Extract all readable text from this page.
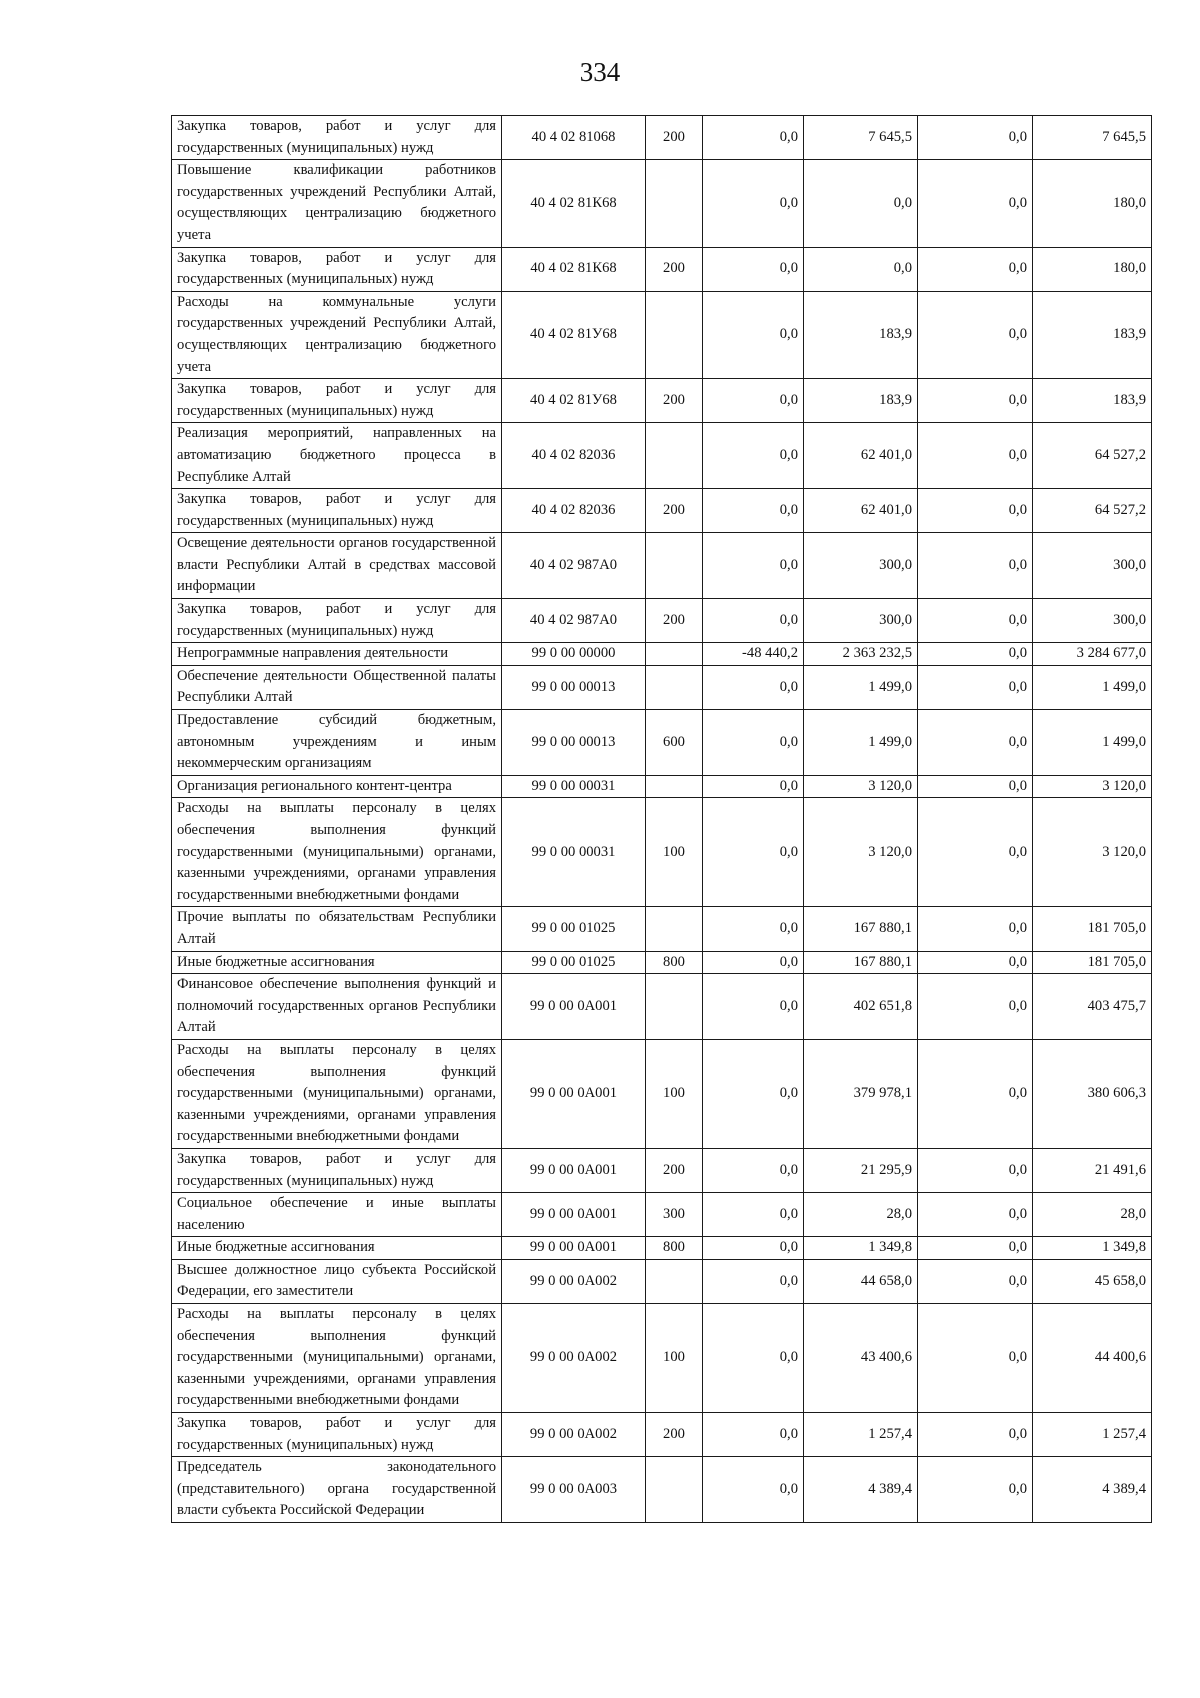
334
Закупка товаров, работ и услуг для государственных (муниципальных) нужд	40 4 02 81068	200	0,0	7 645,5	0,0	7 645,5
Повышение квалификации работников государственных учреждений Республики Алтай, осуществляющих централизацию бюджетного учета	40 4 02 81К68		0,0	0,0	0,0	180,0
Закупка товаров, работ и услуг для государственных (муниципальных) нужд	40 4 02 81К68	200	0,0	0,0	0,0	180,0
Расходы на коммунальные услуги государственных учреждений Республики Алтай, осуществляющих централизацию бюджетного учета	40 4 02 81У68		0,0	183,9	0,0	183,9
Закупка товаров, работ и услуг для государственных (муниципальных) нужд	40 4 02 81У68	200	0,0	183,9	0,0	183,9
Реализация мероприятий, направленных на автоматизацию бюджетного процесса в Республике Алтай	40 4 02 82036		0,0	62 401,0	0,0	64 527,2
Закупка товаров, работ и услуг для государственных (муниципальных) нужд	40 4 02 82036	200	0,0	62 401,0	0,0	64 527,2
Освещение деятельности органов государственной власти Республики Алтай в средствах массовой информации	40 4 02 987А0		0,0	300,0	0,0	300,0
Закупка товаров, работ и услуг для государственных (муниципальных) нужд	40 4 02 987А0	200	0,0	300,0	0,0	300,0
Непрограммные направления деятельности	99 0 00 00000		-48 440,2	2 363 232,5	0,0	3 284 677,0
Обеспечение деятельности Общественной палаты Республики Алтай	99 0 00 00013		0,0	1 499,0	0,0	1 499,0
Предоставление субсидий бюджетным, автономным учреждениям и иным некоммерческим организациям	99 0 00 00013	600	0,0	1 499,0	0,0	1 499,0
Организация регионального контент-центра	99 0 00 00031		0,0	3 120,0	0,0	3 120,0
Расходы на выплаты персоналу в целях обеспечения выполнения функций государственными (муниципальными) органами, казенными учреждениями, органами управления государственными внебюджетными фондами	99 0 00 00031	100	0,0	3 120,0	0,0	3 120,0
Прочие выплаты по обязательствам Республики Алтай	99 0 00 01025		0,0	167 880,1	0,0	181 705,0
Иные бюджетные ассигнования	99 0 00 01025	800	0,0	167 880,1	0,0	181 705,0
Финансовое обеспечение выполнения функций и полномочий государственных органов Республики Алтай	99 0 00 0А001		0,0	402 651,8	0,0	403 475,7
Расходы на выплаты персоналу в целях обеспечения выполнения функций государственными (муниципальными) органами, казенными учреждениями, органами управления государственными внебюджетными фондами	99 0 00 0А001	100	0,0	379 978,1	0,0	380 606,3
Закупка товаров, работ и услуг для государственных (муниципальных) нужд	99 0 00 0А001	200	0,0	21 295,9	0,0	21 491,6
Социальное обеспечение и иные выплаты населению	99 0 00 0А001	300	0,0	28,0	0,0	28,0
Иные бюджетные ассигнования	99 0 00 0А001	800	0,0	1 349,8	0,0	1 349,8
Высшее должностное лицо субъекта Российской Федерации, его заместители	99 0 00 0А002		0,0	44 658,0	0,0	45 658,0
Расходы на выплаты персоналу в целях обеспечения выполнения функций государственными (муниципальными) органами, казенными учреждениями, органами управления государственными внебюджетными фондами	99 0 00 0А002	100	0,0	43 400,6	0,0	44 400,6
Закупка товаров, работ и услуг для государственных (муниципальных) нужд	99 0 00 0А002	200	0,0	1 257,4	0,0	1 257,4
Председатель законодательного (представительного) органа государственной власти субъекта Российской Федерации	99 0 00 0А003		0,0	4 389,4	0,0	4 389,4
